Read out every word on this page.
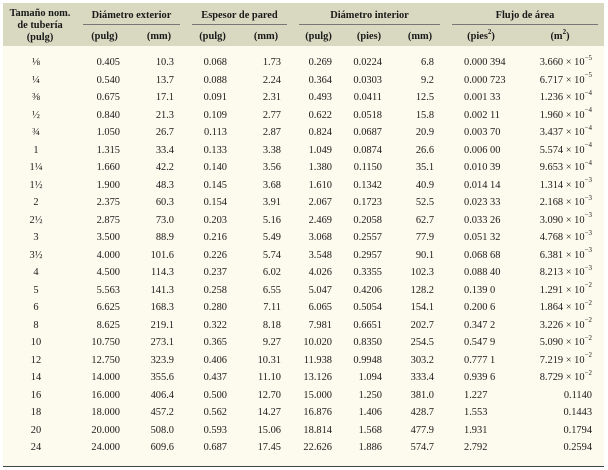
Tamaño nom.
de tubería
(pulg)	Diámetro exterior		Espesor de pared		Diámetro interior			Flujo de área	

	(pulg)	(mm)	(pulg)	(mm)	(pulg)	(pies)	(mm)	(pies$^2$)	$(m^2)$
⅛	0.405	10.3	0.068	1.73	0.269	0.0224	6.8	0.000 394	$3.660 \times 10^{-5}$
¼	0.540	13.7	0.088	2.24	0.364	0.0303	9.2	0.000 723	$6.717 \times 10^{-5}$
⅜	0.675	17.1	0.091	2.31	0.493	0.0411	12.5	0.001 33	$1.236 \times 10^{-4}$
½	0.840	21.3	0.109	2.77	0.622	0.0518	15.8	0.002 11	$1.960 \times 10^{-4}$
¾	1.050	26.7	0.113	2.87	0.824	0.0687	20.9	0.003 70	$3.437 \times 10^{-4}$
1	1.315	33.4	0.133	3.38	1.049	0.0874	26.6	0.006 00	$5.574 \times 10^{-4}$
1¼	1.660	42.2	0.140	3.56	1.380	0.1150	35.1	0.010 39	$9.653 \times 10^{-4}$
1½	1.900	48.3	0.145	3.68	1.610	0.1342	40.9	0.014 14	$1.314 \times 10^{-3}$
2	2.375	60.3	0.154	3.91	2.067	0.1723	52.5	0.023 33	$2.168 \times 10^{-3}$
2½	2.875	73.0	0.203	5.16	2.469	0.2058	62.7	0.033 26	$3.090 \times 10^{-3}$
3	3.500	88.9	0.216	5.49	3.068	0.2557	77.9	0.051 32	$4.768 \times 10^{-3}$
3½	4.000	101.6	0.226	5.74	3.548	0.2957	90.1	0.068 68	$6.381 \times 10^{-3}$
4	4.500	114.3	0.237	6.02	4.026	0.3355	102.3	0.088 40	$8.213 \times 10^{-3}$
5	5.563	141.3	0.258	6.55	5.047	0.4206	128.2	0.139 0	$1.291 \times 10^{-2}$
6	6.625	168.3	0.280	7.11	6.065	0.5054	154.1	0.200 6	$1.864 \times 10^{-2}$
8	8.625	219.1	0.322	8.18	7.981	0.6651	202.7	0.347 2	$3.226 \times 10^{-2}$
10	10.750	273.1	0.365	9.27	10.020	0.8350	254.5	0.547 9	$5.090 \times 10^{-2}$
12	12.750	323.9	0.406	10.31	11.938	0.9948	303.2	0.777 1	$7.219 \times 10^{-2}$
14	14.000	355.6	0.437	11.10	13.126	1.094	333.4	0.939 6	$8.729 \times 10^{-2}$
16	16.000	406.4	0.500	12.70	15.000	1.250	381.0	1.227	0.1140
18	18.000	457.2	0.562	14.27	16.876	1.406	428.7	1.553	0.1443
20	20.000	508.0	0.593	15.06	18.814	1.568	477.9	1.931	0.1794
24	24.000	609.6	0.687	17.45	22.626	1.886	574.7	2.792	0.2594
